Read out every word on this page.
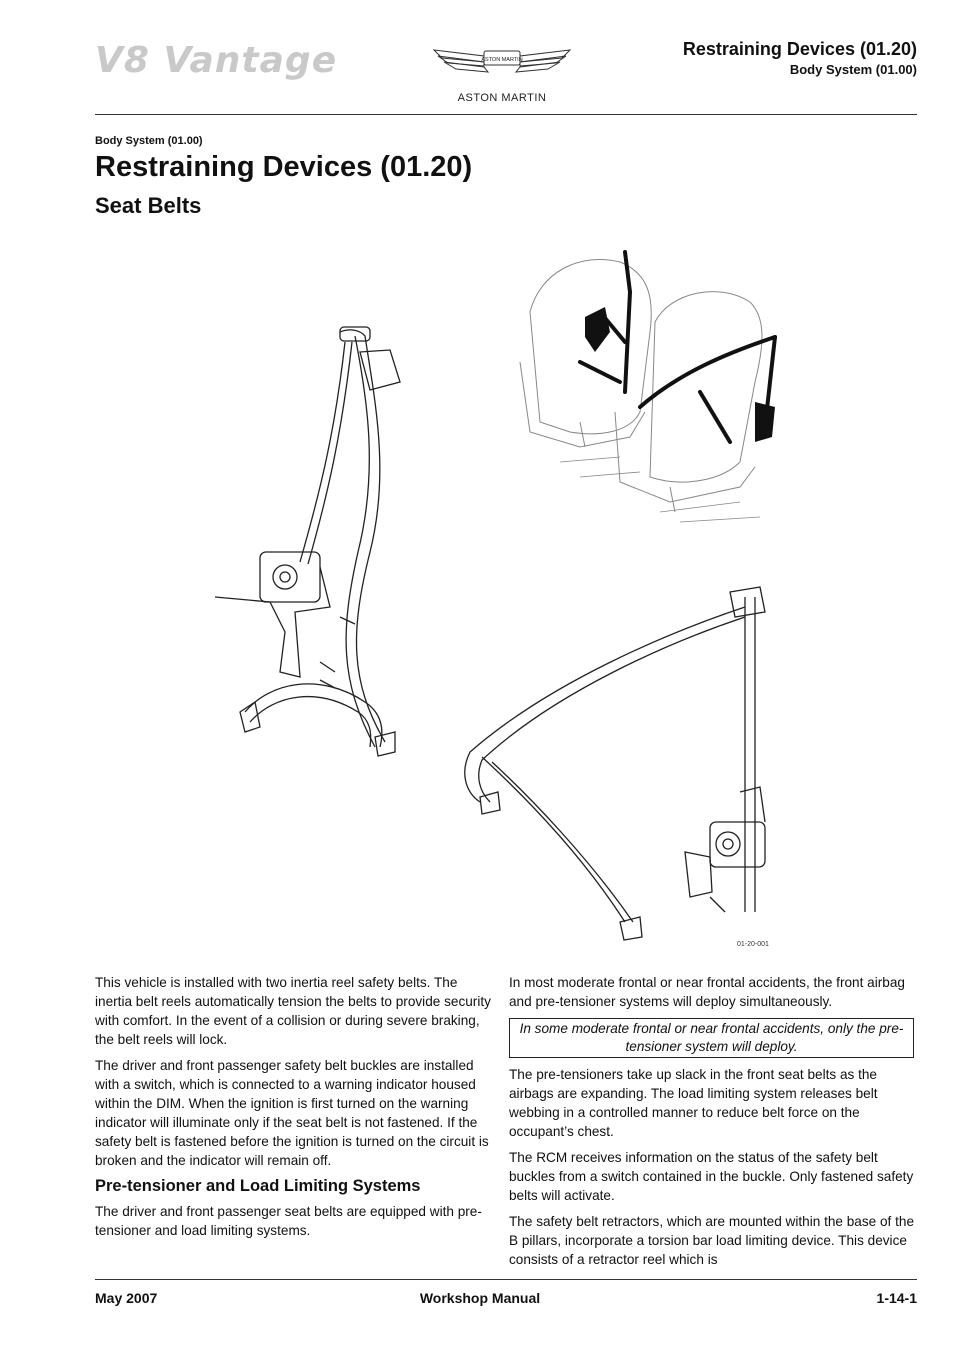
V8 Vantage	ASTON MARTIN
ASTON MARTIN
Restraining Devices (01.20)
Body System (01.00)
Body System (01.00)
Restraining Devices (01.20)
Seat Belts
01-20-001

This vehicle is installed with two inertia reel safety belts. The inertia belt reels automatically tension the belts to provide security with comfort. In the event of a collision or during severe braking, the belt reels will lock.

The driver and front passenger safety belt buckles are installed with a switch, which is connected to a warning indicator housed within the DIM. When the ignition is first turned on the warning indicator will illuminate only if the seat belt is not fastened. If the safety belt is fastened before the ignition is turned on the circuit is broken and the indicator will remain off.

Pre-tensioner and Load Limiting Systems

The driver and front passenger seat belts are equipped with pre-tensioner and load limiting systems.

In most moderate frontal or near frontal accidents, the front airbag and pre-tensioner systems will deploy simultaneously.

In some moderate frontal or near frontal accidents, only the pre-tensioner system will deploy.

The pre-tensioners take up slack in the front seat belts as the airbags are expanding. The load limiting system releases belt webbing in a controlled manner to reduce belt force on the occupant’s chest.

The RCM receives information on the status of the safety belt buckles from a switch contained in the buckle. Only fastened safety belts will activate.

The safety belt retractors, which are mounted within the base of the B pillars, incorporate a torsion bar load limiting device. This device consists of a retractor reel which is

May 2007	Workshop Manual	1-14-1
